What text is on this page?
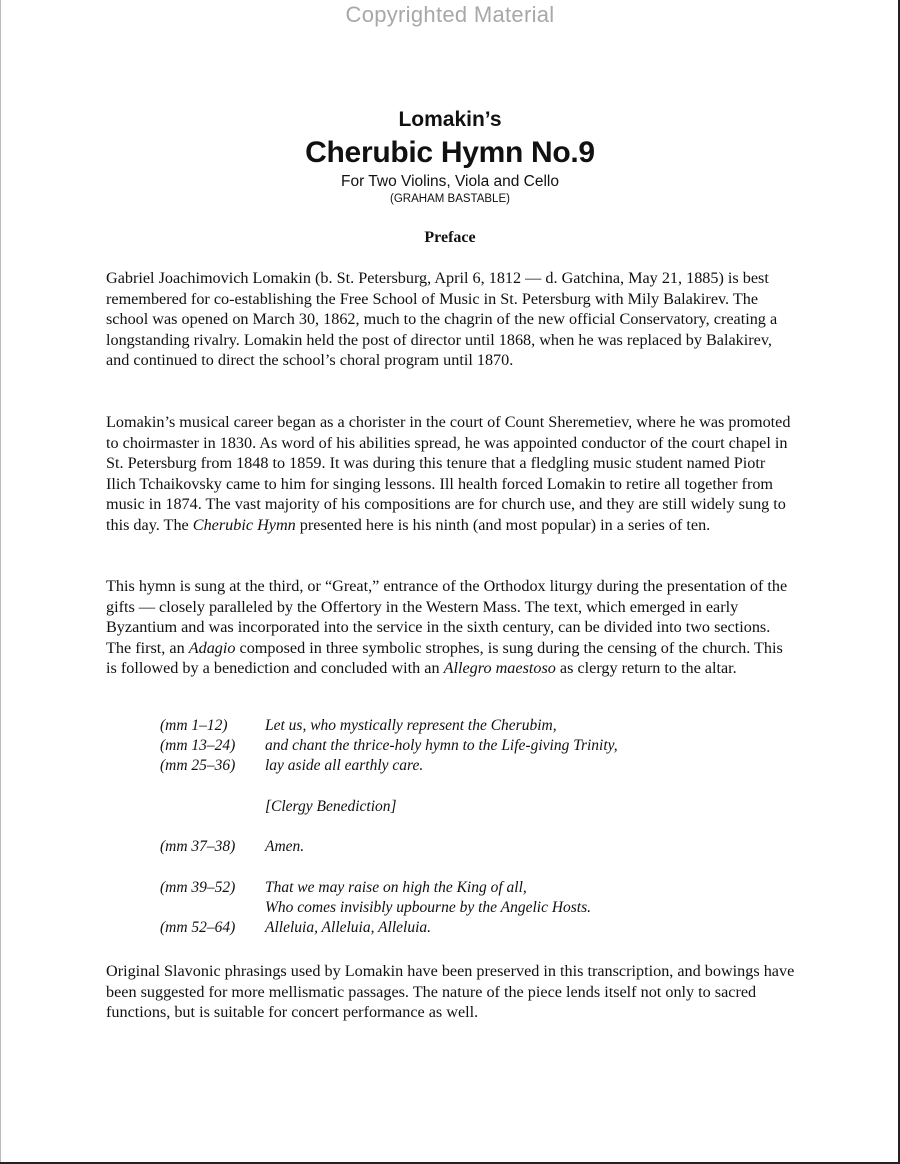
Copyrighted Material
Lomakin’s
Cherubic Hymn No.9
For Two Violins, Viola and Cello
(GRAHAM BASTABLE)
Preface

Gabriel Joachimovich Lomakin (b. St. Petersburg, April 6, 1812 — d. Gatchina, May 21, 1885) is best remembered for co-establishing the Free School of Music in St. Petersburg with Mily Balakirev. The school was opened on March 30, 1862, much to the chagrin of the new official Conservatory, creating a longstanding rivalry. Lomakin held the post of director until 1868, when he was replaced by Balakirev, and continued to direct the school’s choral program until 1870.

Lomakin’s musical career began as a chorister in the court of Count Sheremetiev, where he was promoted to choirmaster in 1830. As word of his abilities spread, he was appointed conductor of the court chapel in St. Petersburg from 1848 to 1859. It was during this tenure that a fledgling music student named Piotr Ilich Tchaikovsky came to him for singing lessons. Ill health forced Lomakin to retire all together from music in 1874. The vast majority of his compositions are for church use, and they are still widely sung to this day. The Cherubic Hymn presented here is his ninth (and most popular) in a series of ten.

This hymn is sung at the third, or “Great,” entrance of the Orthodox liturgy during the presentation of the gifts — closely paralleled by the Offertory in the Western Mass. The text, which emerged in early Byzantium and was incorporated into the service in the sixth century, can be divided into two sections. The first, an Adagio composed in three symbolic strophes, is sung during the censing of the church. This is followed by a benediction and concluded with an Allegro maestoso as clergy return to the altar.

(mm 1–12)	Let us, who mystically represent the Cherubim,
(mm 13–24)	and chant the thrice-holy hymn to the Life-giving Trinity,
(mm 25–36)	lay aside all earthly care.
[Clergy Benediction]
(mm 37–38)	Amen.
(mm 39–52)	That we may raise on high the King of all,
Who comes invisibly upbourne by the Angelic Hosts.
(mm 52–64)	Alleluia, Alleluia, Alleluia.

Original Slavonic phrasings used by Lomakin have been preserved in this transcription, and bowings have been suggested for more mellismatic passages. The nature of the piece lends itself not only to sacred functions, but is suitable for concert performance as well.
